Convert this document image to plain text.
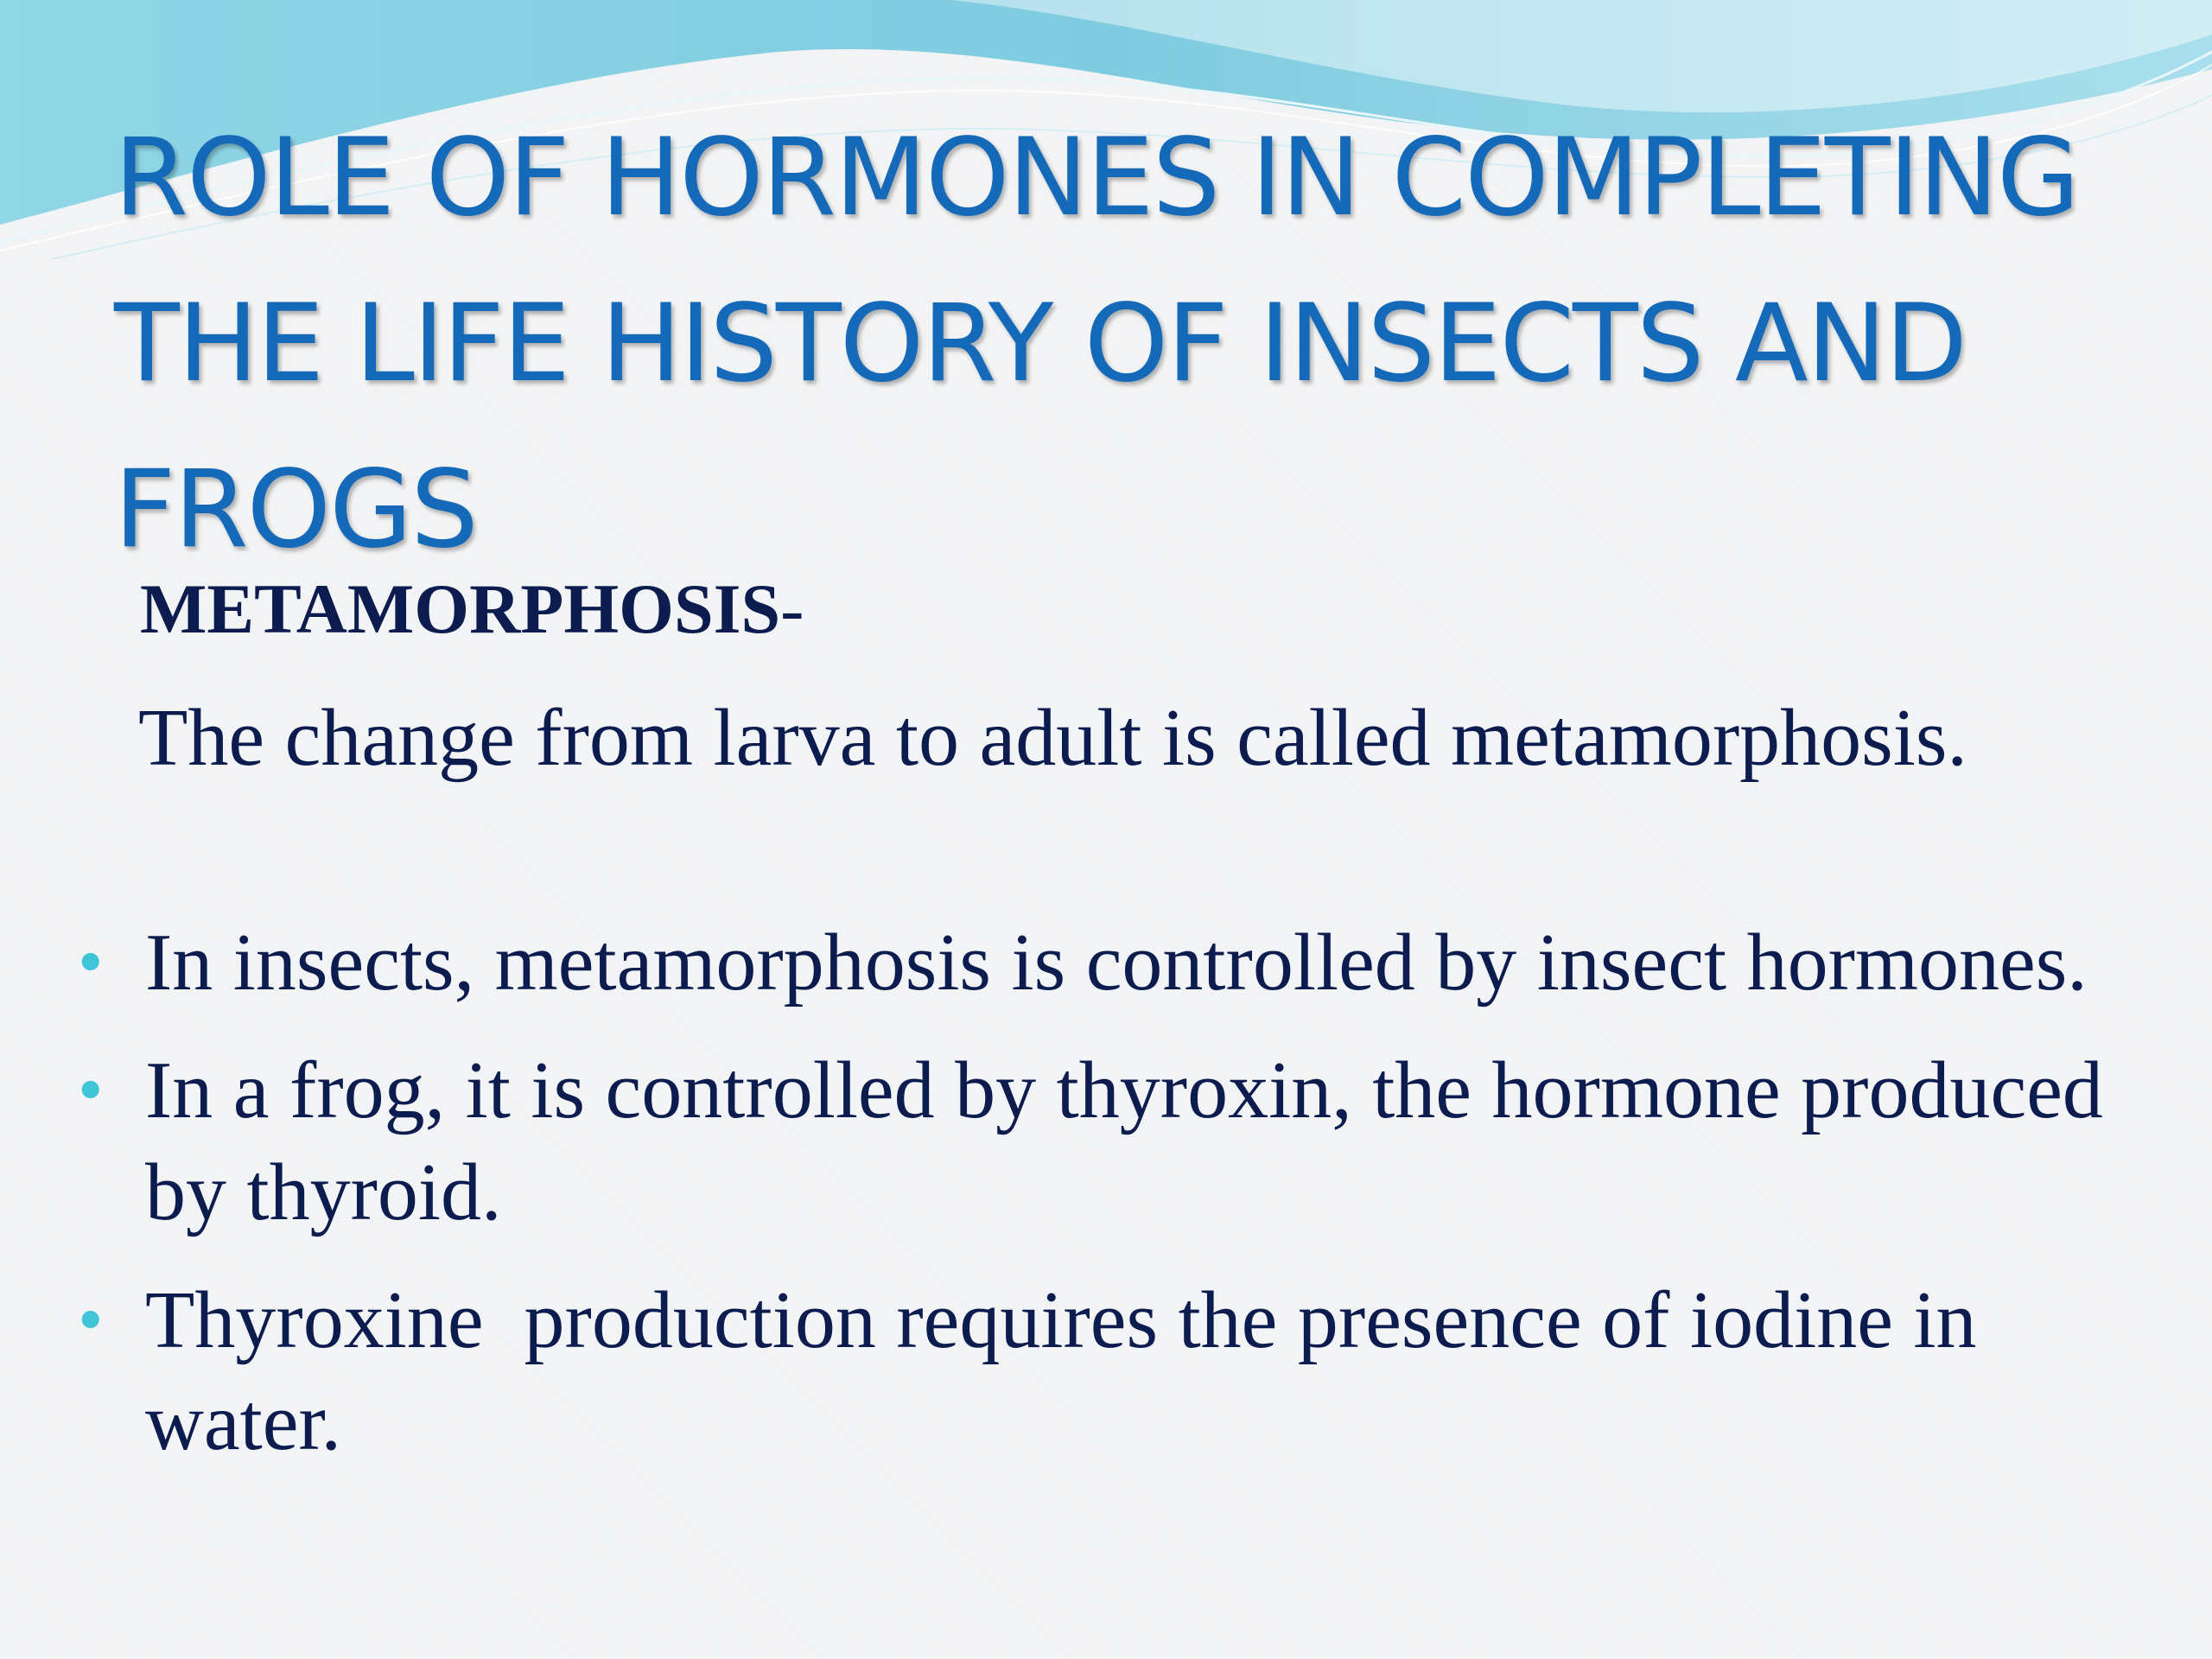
ROLE OF HORMONES IN COMPLETING THE LIFE HISTORY OF INSECTS AND FROGS

METAMORPHOSIS-

The change from larva to adult is called metamorphosis.

• In insects, metamorphosis is controlled by insect hormones.
• In a frog, it is controlled by thyroxin, the hormone produced by thyroid.
• Thyroxine  production requires the presence of iodine in water.
